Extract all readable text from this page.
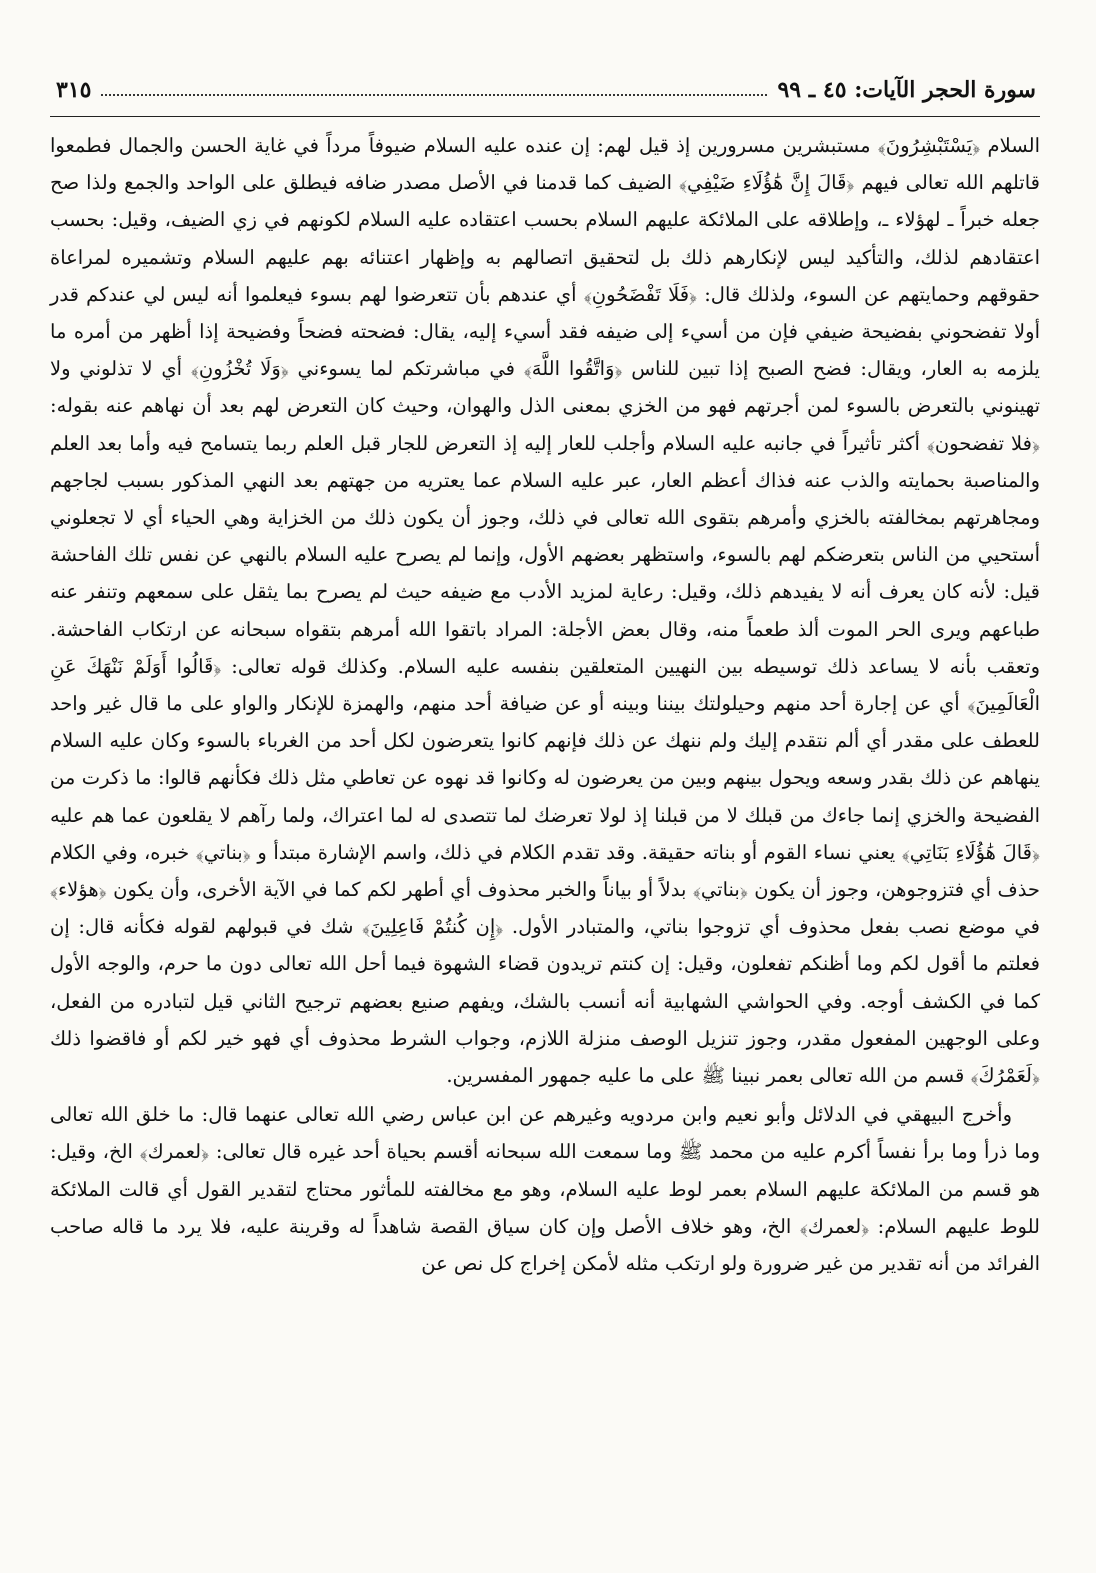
سورة الحجر الآيات: ٤٥ ـ ٩٩
٣١٥

السلام ﴿يَسْتَبْشِرُونَ﴾ مستبشرين مسرورين إذ قيل لهم: إن عنده عليه السلام ضيوفاً مرداً في غاية الحسن والجمال فطمعوا قاتلهم الله تعالى فيهم ﴿قَالَ إِنَّ هَٰؤُلَاءِ ضَيْفِي﴾ الضيف كما قدمنا في الأصل مصدر ضافه فيطلق على الواحد والجمع ولذا صح جعله خبراً ـ لهؤلاء ـ، وإطلاقه على الملائكة عليهم السلام بحسب اعتقاده عليه السلام لكونهم في زي الضيف، وقيل: بحسب اعتقادهم لذلك، والتأكيد ليس لإنكارهم ذلك بل لتحقيق اتصالهم به وإظهار اعتنائه بهم عليهم السلام وتشميره لمراعاة حقوقهم وحمايتهم عن السوء، ولذلك قال: ﴿فَلَا تَفْضَحُونِ﴾ أي عندهم بأن تتعرضوا لهم بسوء فيعلموا أنه ليس لي عندكم قدر أولا تفضحوني بفضيحة ضيفي فإن من أسيء إلى ضيفه فقد أسيء إليه، يقال: فضحته فضحاً وفضيحة إذا أظهر من أمره ما يلزمه به العار، ويقال: فضح الصبح إذا تبين للناس ﴿وَاتَّقُوا اللَّهَ﴾ في مباشرتكم لما يسوءني ﴿وَلَا تُخْزُونِ﴾ أي لا تذلوني ولا تهينوني بالتعرض بالسوء لمن أجرتهم فهو من الخزي بمعنى الذل والهوان، وحيث كان التعرض لهم بعد أن نهاهم عنه بقوله: ﴿فلا تفضحون﴾ أكثر تأثيراً في جانبه عليه السلام وأجلب للعار إليه إذ التعرض للجار قبل العلم ربما يتسامح فيه وأما بعد العلم والمناصبة بحمايته والذب عنه فذاك أعظم العار، عبر عليه السلام عما يعتريه من جهتهم بعد النهي المذكور بسبب لجاجهم ومجاهرتهم بمخالفته بالخزي وأمرهم بتقوى الله تعالى في ذلك، وجوز أن يكون ذلك من الخزاية وهي الحياء أي لا تجعلوني أستحيي من الناس بتعرضكم لهم بالسوء، واستظهر بعضهم الأول، وإنما لم يصرح عليه السلام بالنهي عن نفس تلك الفاحشة قيل: لأنه كان يعرف أنه لا يفيدهم ذلك، وقيل: رعاية لمزيد الأدب مع ضيفه حيث لم يصرح بما يثقل على سمعهم وتنفر عنه طباعهم ويرى الحر الموت ألذ طعماً منه، وقال بعض الأجلة: المراد باتقوا الله أمرهم بتقواه سبحانه عن ارتكاب الفاحشة. وتعقب بأنه لا يساعد ذلك توسيطه بين النهيين المتعلقين بنفسه عليه السلام. وكذلك قوله تعالى: ﴿قَالُوا أَوَلَمْ نَنْهَكَ عَنِ الْعَالَمِينَ﴾ أي عن إجارة أحد منهم وحيلولتك بيننا وبينه أو عن ضيافة أحد منهم، والهمزة للإنكار والواو على ما قال غير واحد للعطف على مقدر أي ألم نتقدم إليك ولم ننهك عن ذلك فإنهم كانوا يتعرضون لكل أحد من الغرباء بالسوء وكان عليه السلام ينهاهم عن ذلك بقدر وسعه ويحول بينهم وبين من يعرضون له وكانوا قد نهوه عن تعاطي مثل ذلك فكأنهم قالوا: ما ذكرت من الفضيحة والخزي إنما جاءك من قبلك لا من قبلنا إذ لولا تعرضك لما تتصدى له لما اعتراك، ولما رآهم لا يقلعون عما هم عليه ﴿قَالَ هَٰؤُلَاءِ بَنَاتِي﴾ يعني نساء القوم أو بناته حقيقة. وقد تقدم الكلام في ذلك، واسم الإشارة مبتدأ و ﴿بناتي﴾ خبره، وفي الكلام حذف أي فتزوجوهن، وجوز أن يكون ﴿بناتي﴾ بدلاً أو بياناً والخبر محذوف أي أطهر لكم كما في الآية الأخرى، وأن يكون ﴿هؤلاء﴾ في موضع نصب بفعل محذوف أي تزوجوا بناتي، والمتبادر الأول. ﴿إِن كُنتُمْ فَاعِلِينَ﴾ شك في قبولهم لقوله فكأنه قال: إن فعلتم ما أقول لكم وما أظنكم تفعلون، وقيل: إن كنتم تريدون قضاء الشهوة فيما أحل الله تعالى دون ما حرم، والوجه الأول كما في الكشف أوجه. وفي الحواشي الشهابية أنه أنسب بالشك، ويفهم صنيع بعضهم ترجيح الثاني قيل لتبادره من الفعل، وعلى الوجهين المفعول مقدر، وجوز تنزيل الوصف منزلة اللازم، وجواب الشرط محذوف أي فهو خير لكم أو فاقضوا ذلك ﴿لَعَمْرُكَ﴾ قسم من الله تعالى بعمر نبينا ﷺ على ما عليه جمهور المفسرين.

وأخرج البيهقي في الدلائل وأبو نعيم وابن مردويه وغيرهم عن ابن عباس رضي الله تعالى عنهما قال: ما خلق الله تعالى وما ذرأ وما برأ نفساً أكرم عليه من محمد ﷺ وما سمعت الله سبحانه أقسم بحياة أحد غيره قال تعالى: ﴿لعمرك﴾ الخ، وقيل: هو قسم من الملائكة عليهم السلام بعمر لوط عليه السلام، وهو مع مخالفته للمأثور محتاج لتقدير القول أي قالت الملائكة للوط عليهم السلام: ﴿لعمرك﴾ الخ، وهو خلاف الأصل وإن كان سياق القصة شاهداً له وقرينة عليه، فلا يرد ما قاله صاحب الفرائد من أنه تقدير من غير ضرورة ولو ارتكب مثله لأمكن إخراج كل نص عن
